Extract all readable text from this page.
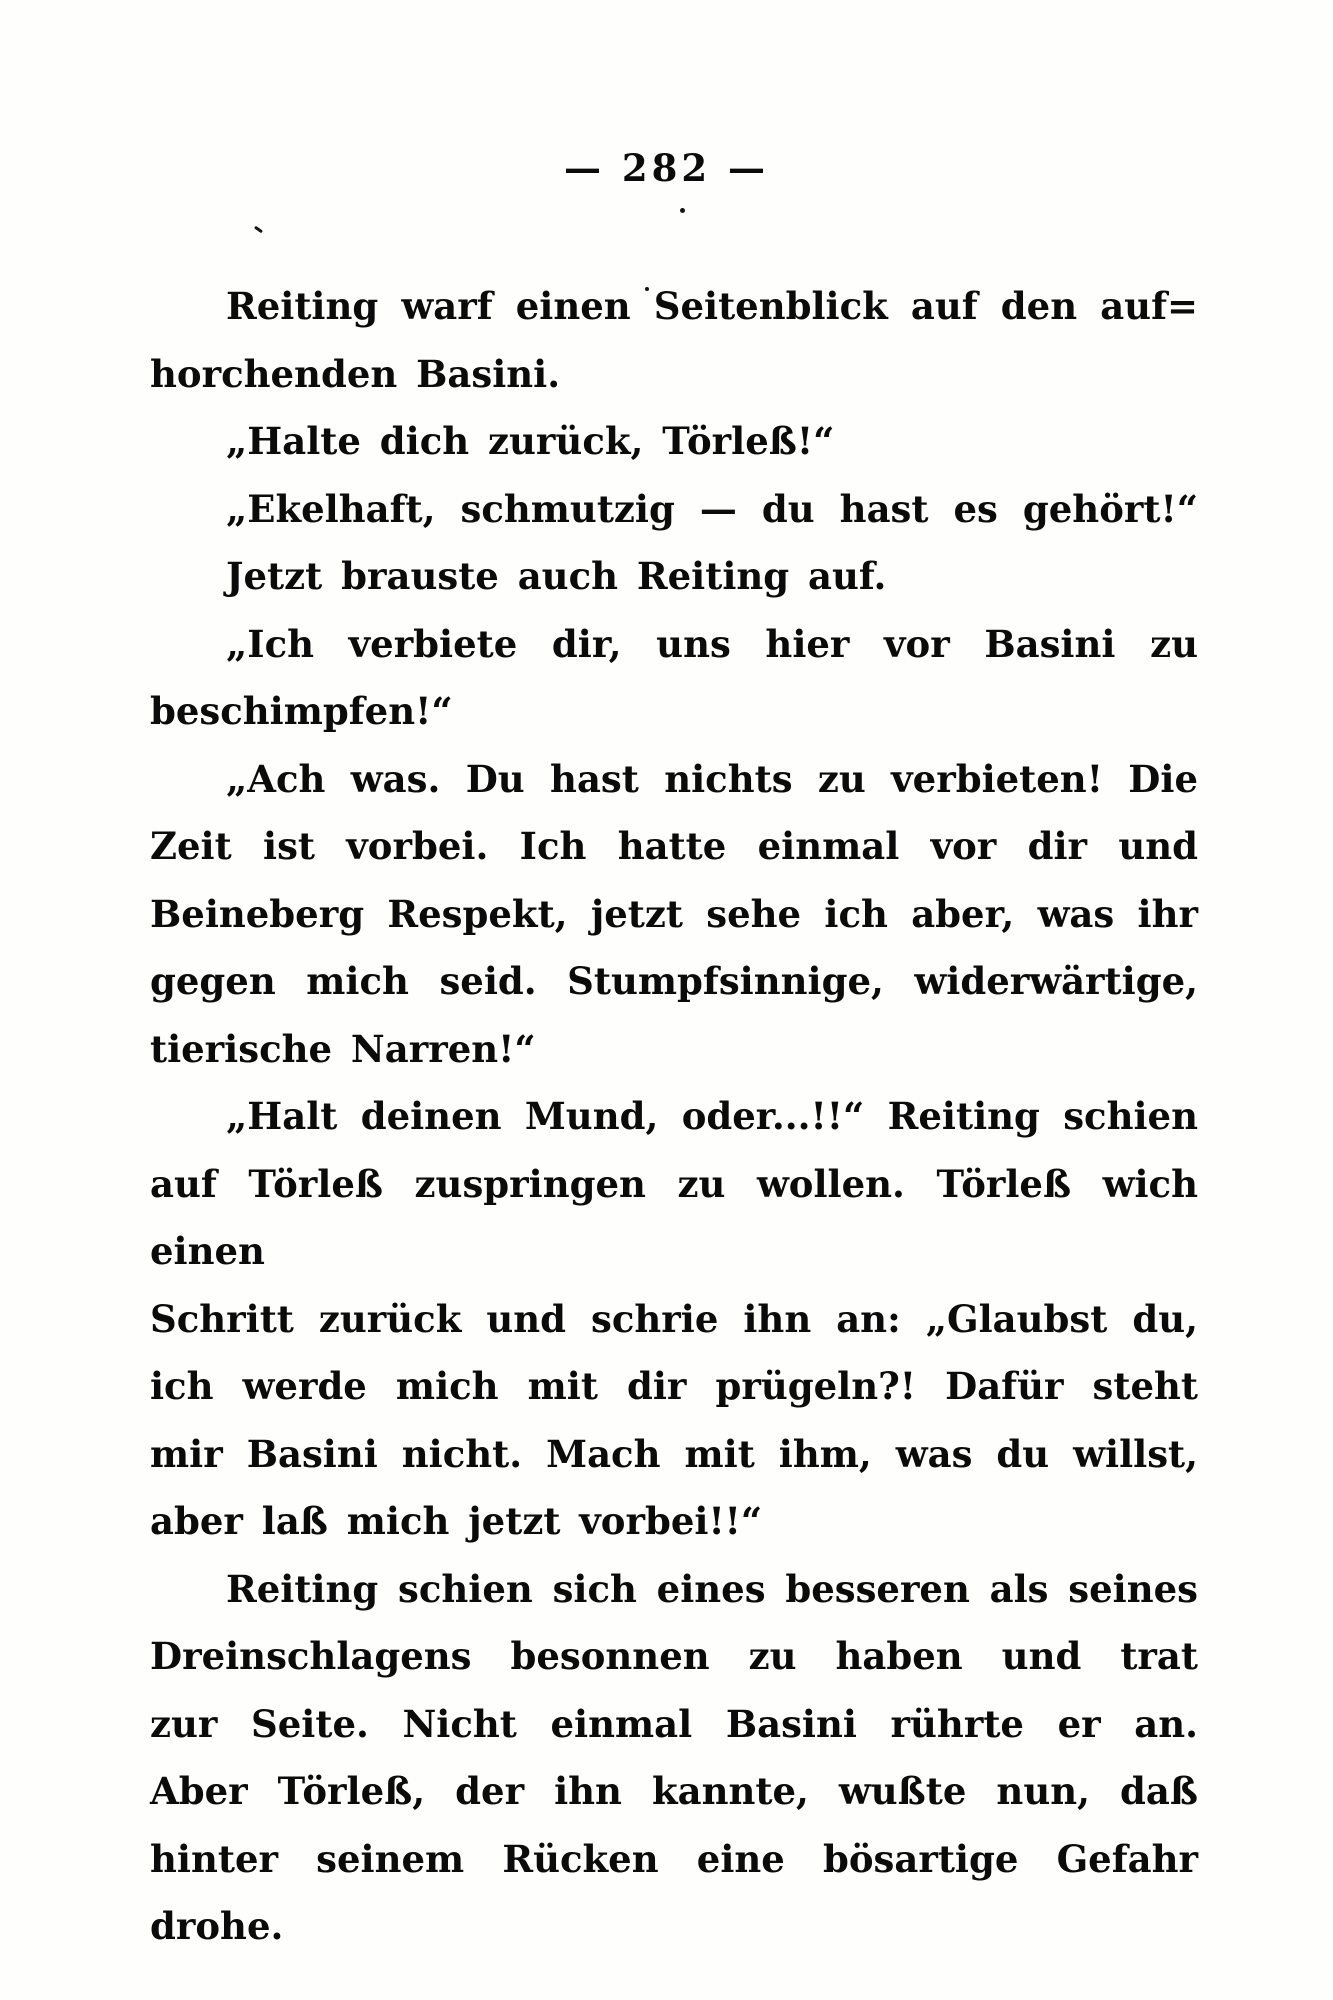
— 282 —
Reiting warf einen Seitenblick auf den auf=
horchenden Basini.
„Halte dich zurück, Törleß!“
„Ekelhaft, schmutzig — du hast es gehört!“
Jetzt brauste auch Reiting auf.
„Ich verbiete dir, uns hier vor Basini zu
beschimpfen!“
„Ach was. Du hast nichts zu verbieten! Die
Zeit ist vorbei. Ich hatte einmal vor dir und
Beineberg Respekt, jetzt sehe ich aber, was ihr
gegen mich seid. Stumpfsinnige, widerwärtige,
tierische Narren!“
„Halt deinen Mund, oder...!!“ Reiting schien
auf Törleß zuspringen zu wollen. Törleß wich einen
Schritt zurück und schrie ihn an: „Glaubst du,
ich werde mich mit dir prügeln?! Dafür steht
mir Basini nicht. Mach mit ihm, was du willst,
aber laß mich jetzt vorbei!!“
Reiting schien sich eines besseren als seines
Dreinschlagens besonnen zu haben und trat
zur Seite. Nicht einmal Basini rührte er an.
Aber Törleß, der ihn kannte, wußte nun, daß
hinter seinem Rücken eine bösartige Gefahr
drohe.
